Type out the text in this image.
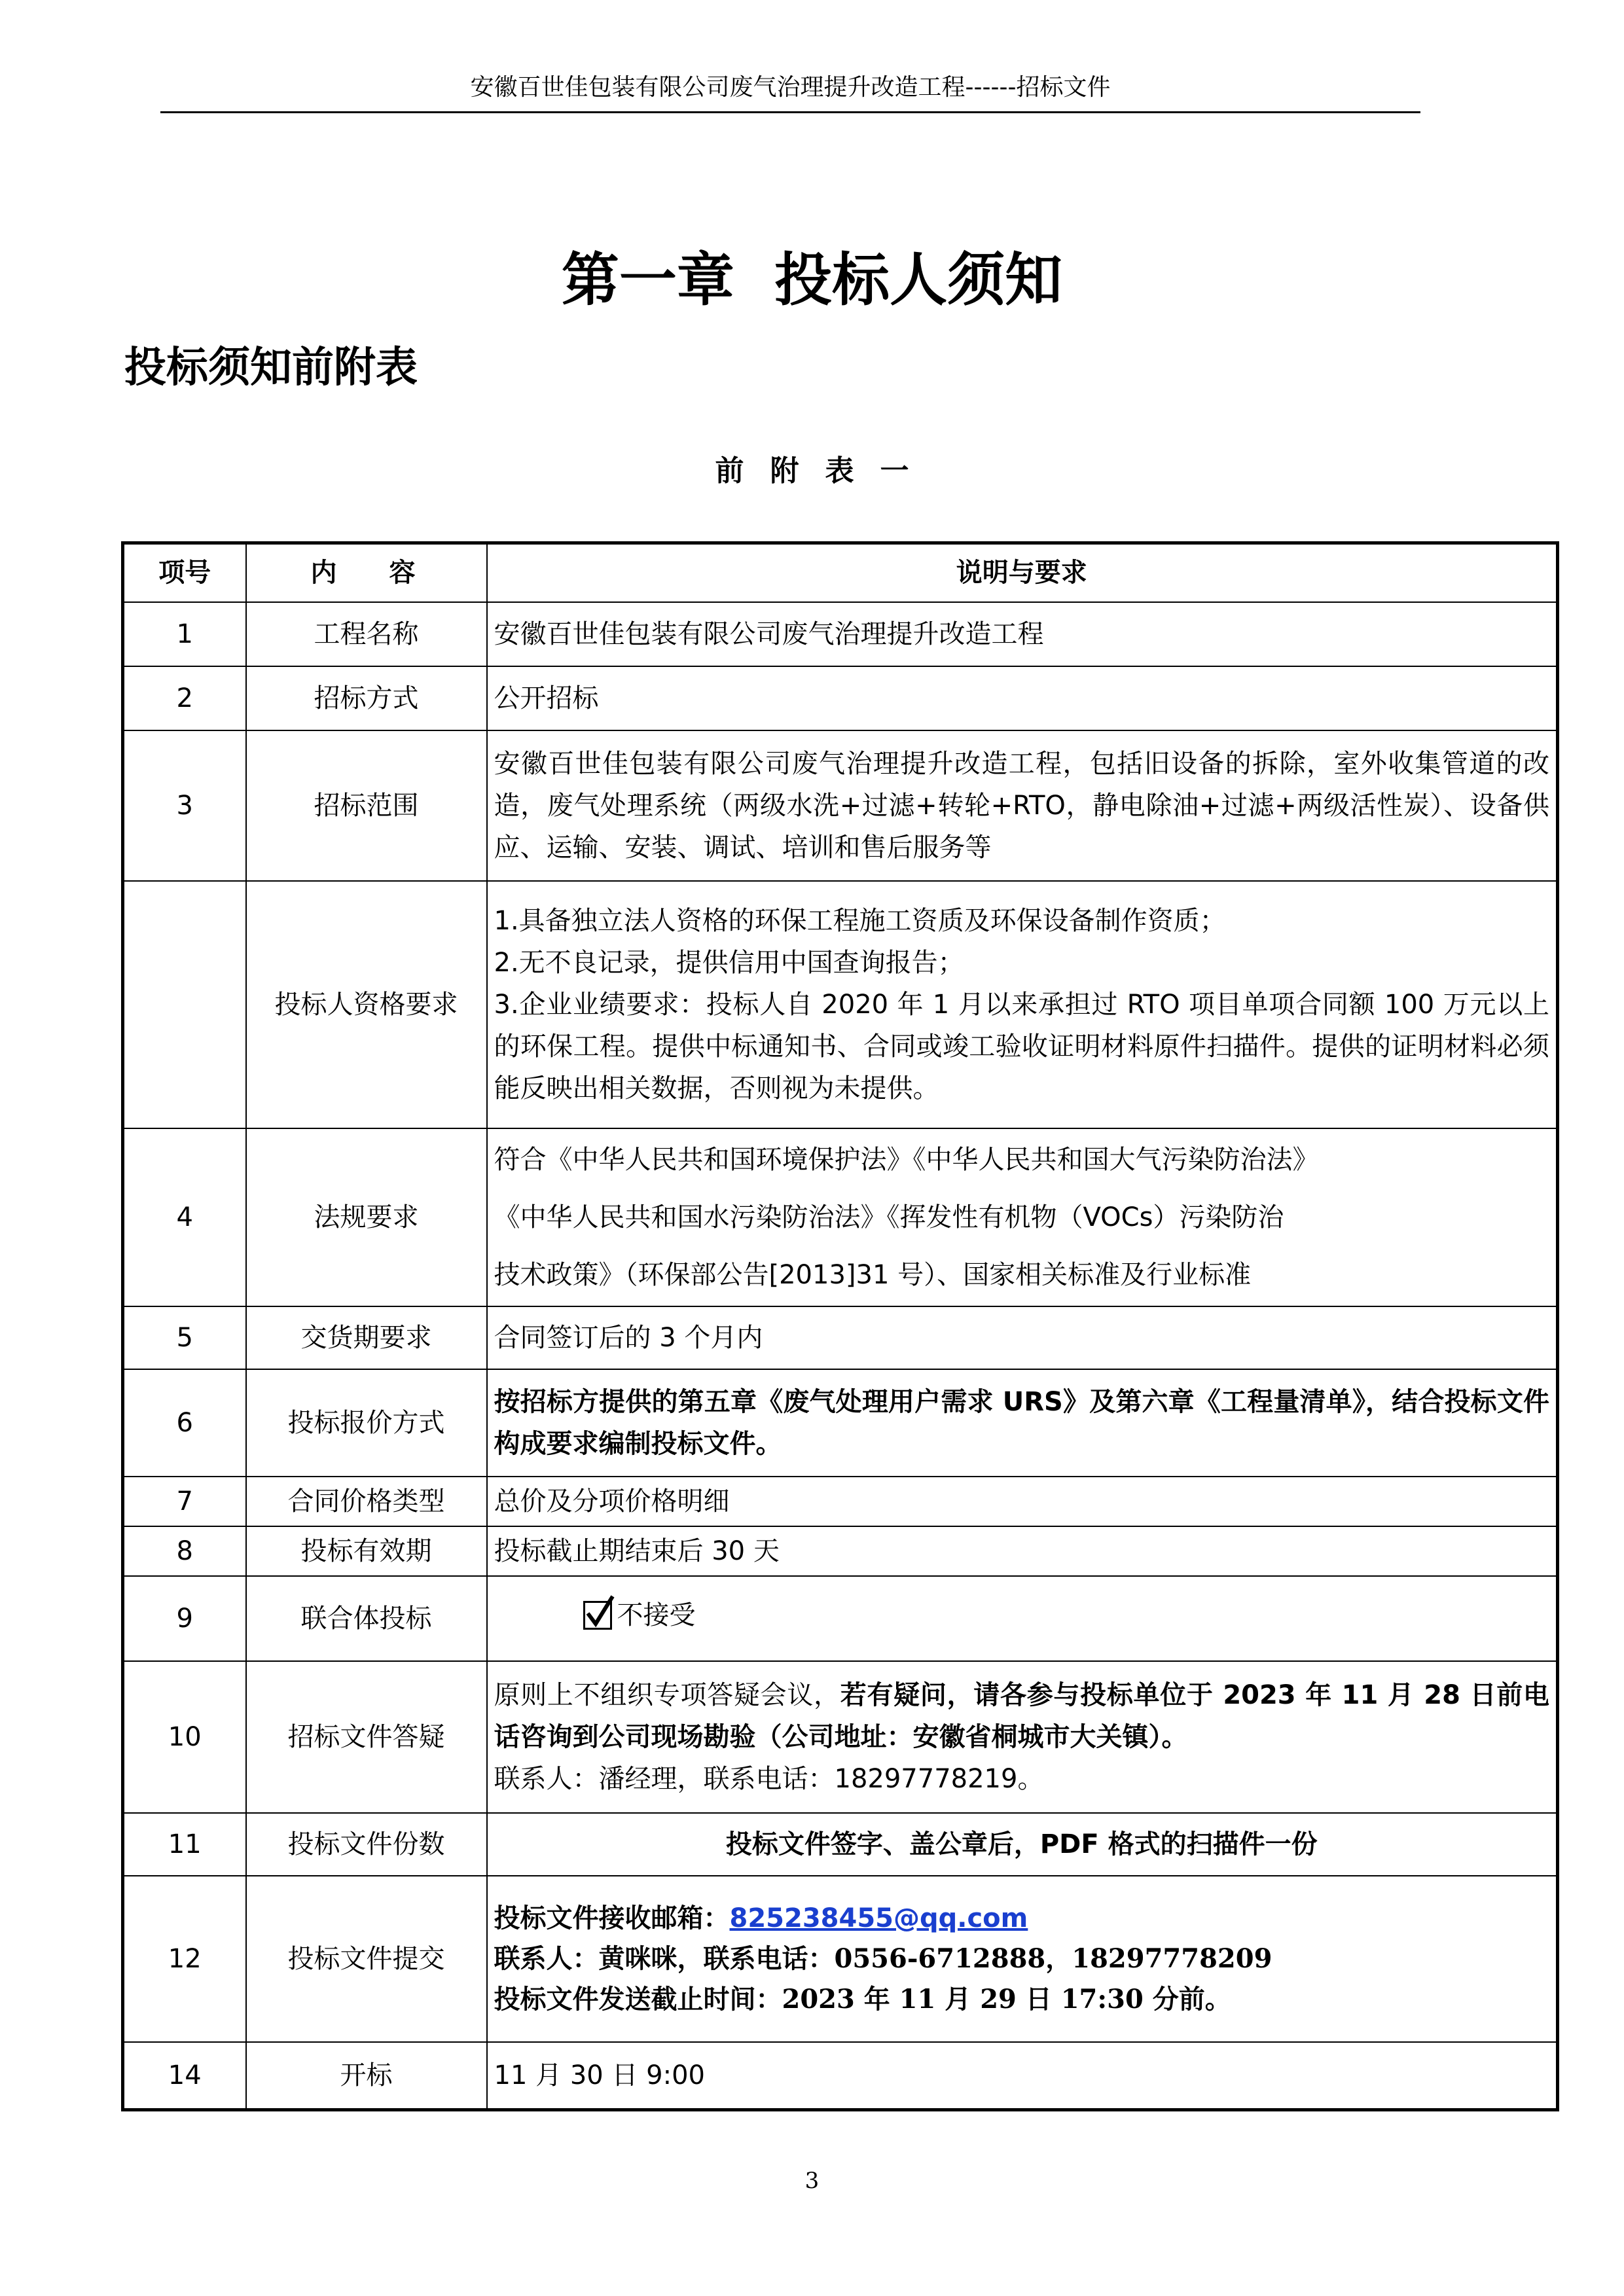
安徽百世佳包装有限公司废气治理提升改造工程------招标文件
第一章  投标人须知
投标须知前附表
前附表一
项号	内容	说明与要求
1	工程名称	安徽百世佳包装有限公司废气治理提升改造工程
2	招标方式	公开招标
3	招标范围	安徽百世佳包装有限公司废气治理提升改造工程，包括旧设备的拆除，室外收集管道的改造，废气处理系统（两级水洗+过滤+转轮+RTO，静电除油+过滤+两级活性炭）、设备供应、运输、安装、调试、培训和售后服务等
	投标人资格要求	1.具备独立法人资格的环保工程施工资质及环保设备制作资质；
2.无不良记录，提供信用中国查询报告；
3.企业业绩要求：投标人自 2020 年 1 月以来承担过 RTO 项目单项合同额 100 万元以上的环保工程。提供中标通知书、合同或竣工验收证明材料原件扫描件。提供的证明材料必须能反映出相关数据，否则视为未提供。

4	法规要求	符合《中华人民共和国环境保护法》《中华人民共和国大气污染防治法》
《中华人民共和国水污染防治法》《挥发性有机物（VOCs）污染防治
技术政策》（环保部公告[2013]31 号）、国家相关标准及行业标准

5	交货期要求	合同签订后的 3 个月内
6	投标报价方式	按招标方提供的第五章《废气处理用户需求 URS》及第六章《工程量清单》，结合投标文件构成要求编制投标文件。
7	合同价格类型	总价及分项价格明细
8	投标有效期	投标截止期结束后 30 天
9	联合体投标	不接受

10	招标文件答疑	原则上不组织专项答疑会议，若有疑问，请各参与投标单位于 2023 年 11 月 28 日前电话咨询到公司现场勘验（公司地址：安徽省桐城市大关镇）。
联系人：潘经理，联系电话：18297778219。

11	投标文件份数	投标文件签字、盖公章后，PDF 格式的扫描件一份
12	投标文件提交	投标文件接收邮箱：825238455@qq.com
联系人：黄咪咪，联系电话：0556-6712888，18297778209
投标文件发送截止时间：2023 年 11 月 29 日 17:30 分前。

14	开标	11 月 30 日 9:00
3
